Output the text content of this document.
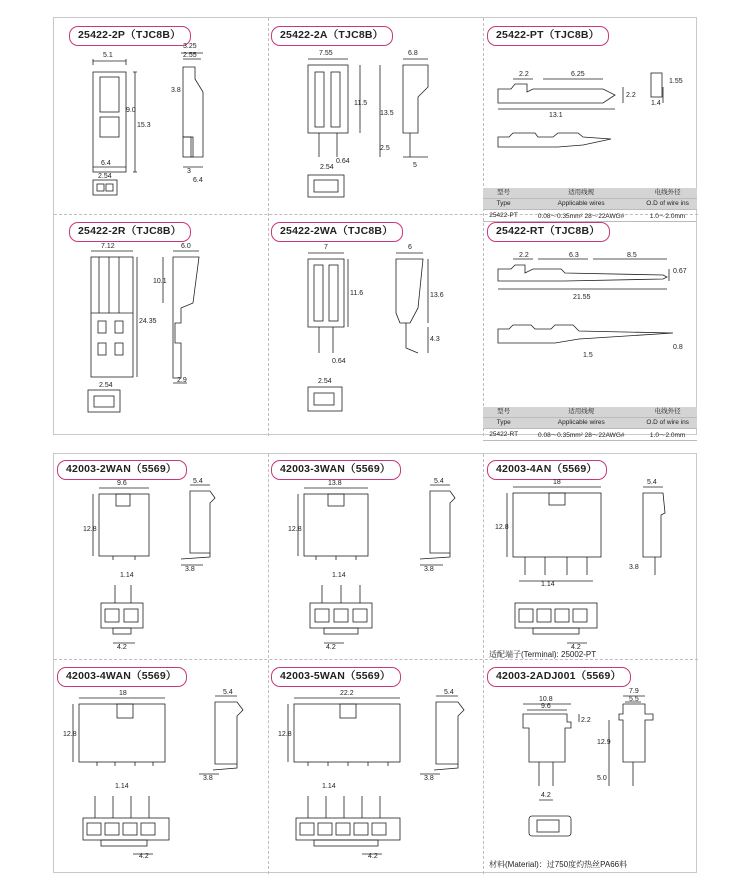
25422-2P（TJC8B）
5.1
3.25
2.55
3.8
9.0
15.3
6.4
3
6.4
2.54
25422-2A（TJC8B）
7.55	6.8
11.5
13.5
2.5
5
0.64
2.54
25422-PT（TJC8B）
2.2	6.25
2.2
13.1
1.55
1.4
型号	适用线规	电线外径
Type	Applicable wires	O.D of wire ins
25422-PT	0.08～0.35mm² 28～22AWG#	1.0～2.0mm
25422-2R（TJC8B）
7.12	6.0
10.1
24.35
2.9
2.54
25422-2WA（TJC8B）
7	6
11.6	13.6
4.3
0.64
2.54
25422-RT（TJC8B）
2.2	6.3	8.5
0.67
21.55
1.5
0.8
型号	适用线规	电线外径
Type	Applicable wires	O.D of wire ins
25422-RT	0.08～0.35mm² 28～22AWG#	1.0～2.0mm
42003-2WAN（5569）
9.6	5.4
12.8
3.8
1.14
4.2
42003-3WAN（5569）
13.8	5.4
12.8
3.8
1.14
4.2
42003-4AN（5569）
18	5.4
12.8
3.8
1.14
4.2
适配端子(Terminal): 25002-PT
42003-4WAN（5569）
18	5.4
12.8
3.8
1.14
4.2
42003-5WAN（5569）
22.2	5.4
12.8
3.8
1.14
4.2
42003-2ADJ001（5569）
10.8
9.6
2.2
7.9
5.5
12.9
5.0
4.2
材料(Material)：过750度灼热丝PA66料
